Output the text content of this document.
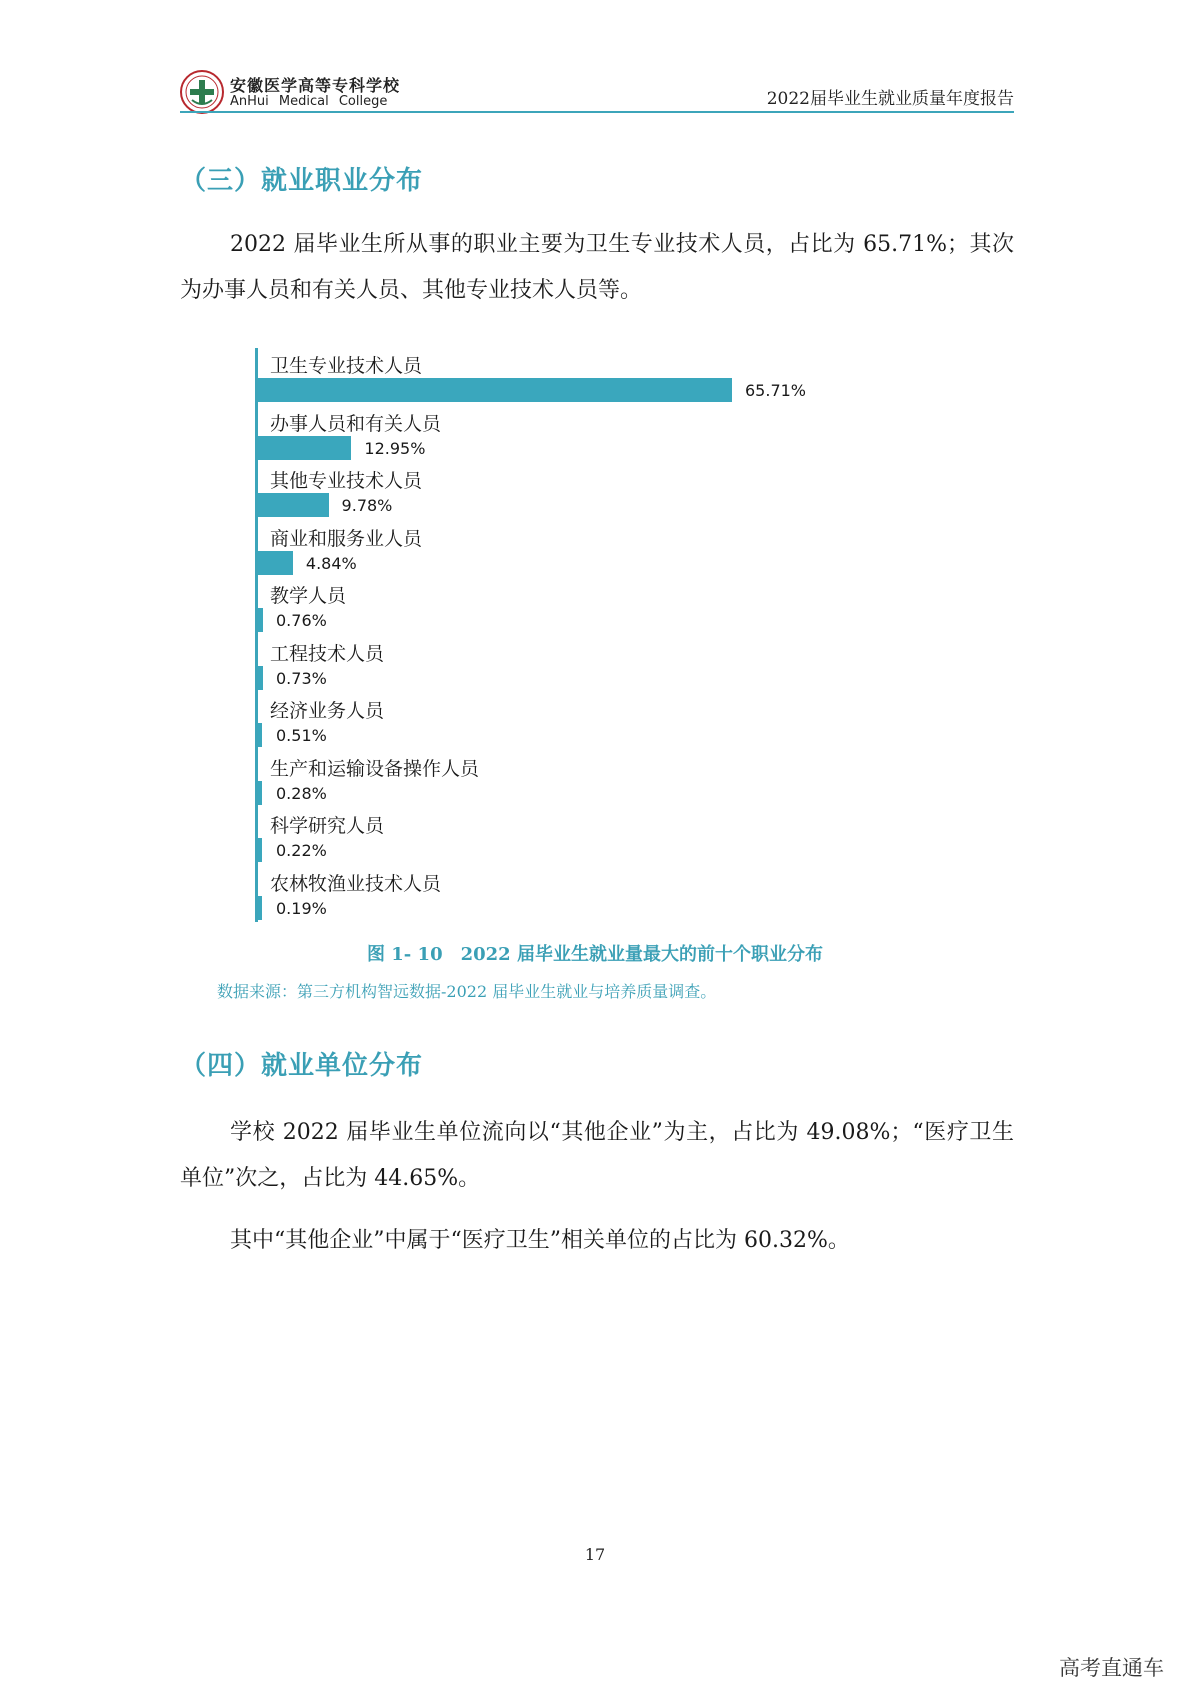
安徽医学高等专科学校
AnHui Medical College	2022届毕业生就业质量年度报告
（三）就业职业分布

2022 届毕业生所从事的职业主要为卫生专业技术人员，占比为 65.71%；其次为办事人员和有关人员、其他专业技术人员等。

卫生专业技术人员
65.71%
办事人员和有关人员
12.95%
其他专业技术人员
9.78%
商业和服务业人员
4.84%
教学人员
0.76%
工程技术人员
0.73%
经济业务人员
0.51%
生产和运输设备操作人员
0.28%
科学研究人员
0.22%
农林牧渔业技术人员
0.19%
图 1- 10　2022 届毕业生就业量最大的前十个职业分布
数据来源：第三方机构智远数据-2022 届毕业生就业与培养质量调查。
（四）就业单位分布

学校 2022 届毕业生单位流向以“其他企业”为主，占比为 49.08%；“医疗卫生单位”次之，占比为 44.65%。

其中“其他企业”中属于“医疗卫生”相关单位的占比为 60.32%。

17
高考直通车
